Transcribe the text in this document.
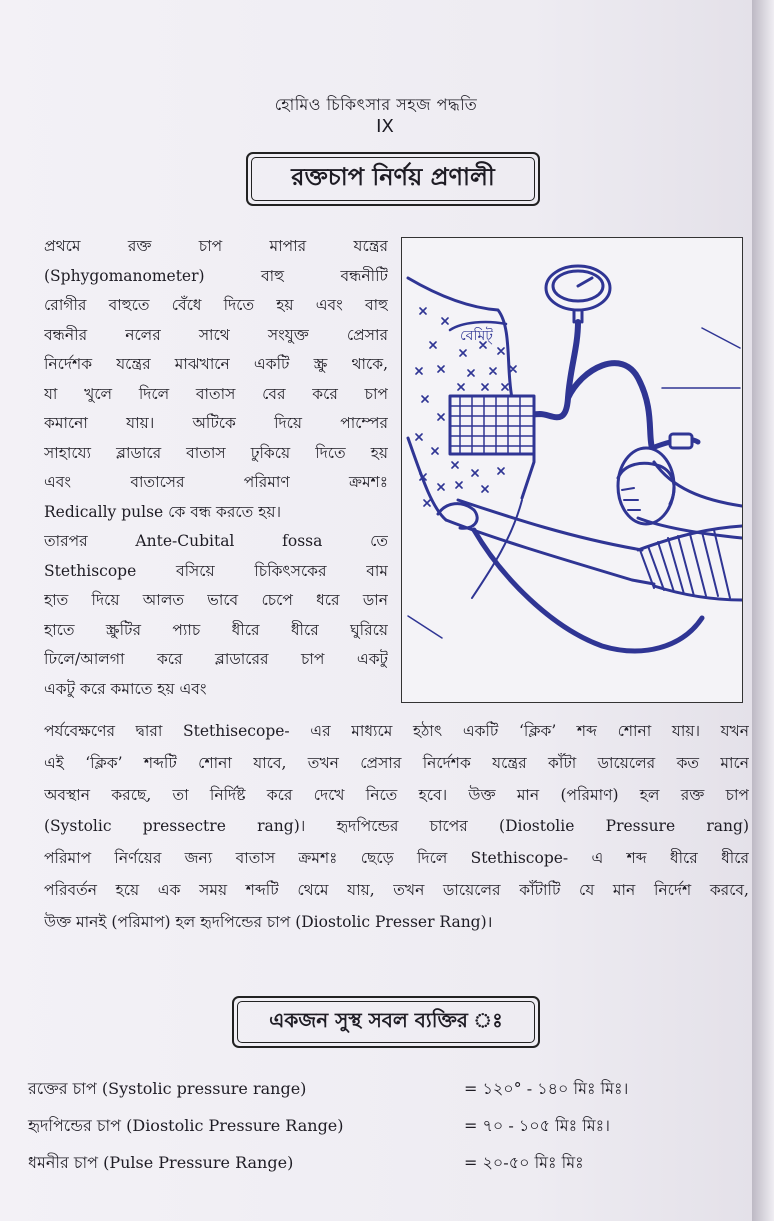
হোমিও চিকিৎসার সহজ পদ্ধতি
IX
রক্তচাপ নির্ণয় প্রণালী
প্রথমে রক্ত চাপ মাপার যন্ত্রের
(Sphygomanometer) বাহু বন্ধনীটি
রোগীর বাহুতে বেঁধে দিতে হয় এবং বাহু
বন্ধনীর নলের সাথে সংযুক্ত প্রেসার
নির্দেশক যন্ত্রের মাঝখানে একটি স্ক্রু থাকে,
যা খুলে দিলে বাতাস বের করে চাপ
কমানো যায়। অটিকে দিয়ে পাম্পের
সাহায্যে ব্লাডারে বাতাস ঢুকিয়ে দিতে হয়
এবং বাতাসের পরিমাণ ক্রমশঃ
Redically pulse কে বন্ধ করতে হয়।
তারপর Ante-Cubital fossa তে
Stethiscope বসিয়ে চিকিৎসকের বাম
হাত দিয়ে আলত ভাবে চেপে ধরে ডান
হাতে স্ক্রুটির প্যাচ ধীরে ধীরে ঘুরিয়ে
ঢিলে/আলগা করে ব্লাডারের চাপ একটু
একটু করে কমাতে হয় এবং
বেমিট্
পর্যবেক্ষণের দ্বারা Stethisecope- এর মাধ্যমে হঠাৎ একটি ‘ক্লিক’ শব্দ শোনা যায়। যখন
এই ‘ক্লিক’ শব্দটি শোনা যাবে, তখন প্রেসার নির্দেশক যন্ত্রের কাঁটা ডায়েলের কত মানে
অবস্থান করছে, তা নির্দিষ্ট করে দেখে নিতে হবে। উক্ত মান (পরিমাণ) হল রক্ত চাপ
(Systolic pressectre rang)। হৃদপিন্ডের চাপের (Diostolie Pressure rang)
পরিমাপ নির্ণয়ের জন্য বাতাস ক্রমশঃ ছেড়ে দিলে Stethiscope- এ শব্দ ধীরে ধীরে
পরিবর্তন হয়ে এক সময় শব্দটি থেমে যায়, তখন ডায়েলের কাঁটাটি যে মান নির্দেশ করবে,
উক্ত মানই (পরিমাপ) হল হৃদপিন্ডের চাপ (Diostolic Presser Rang)।
একজন সুস্থ সবল ব্যক্তির ঃ
রক্তের চাপ (Systolic pressure range)	= ১২০° - ১৪০ মিঃ মিঃ।
হৃদপিন্ডের চাপ (Diostolic Pressure Range)	= ৭০ - ১০৫ মিঃ মিঃ।
ধমনীর চাপ (Pulse Pressure Range)	= ২০-৫০ মিঃ মিঃ
